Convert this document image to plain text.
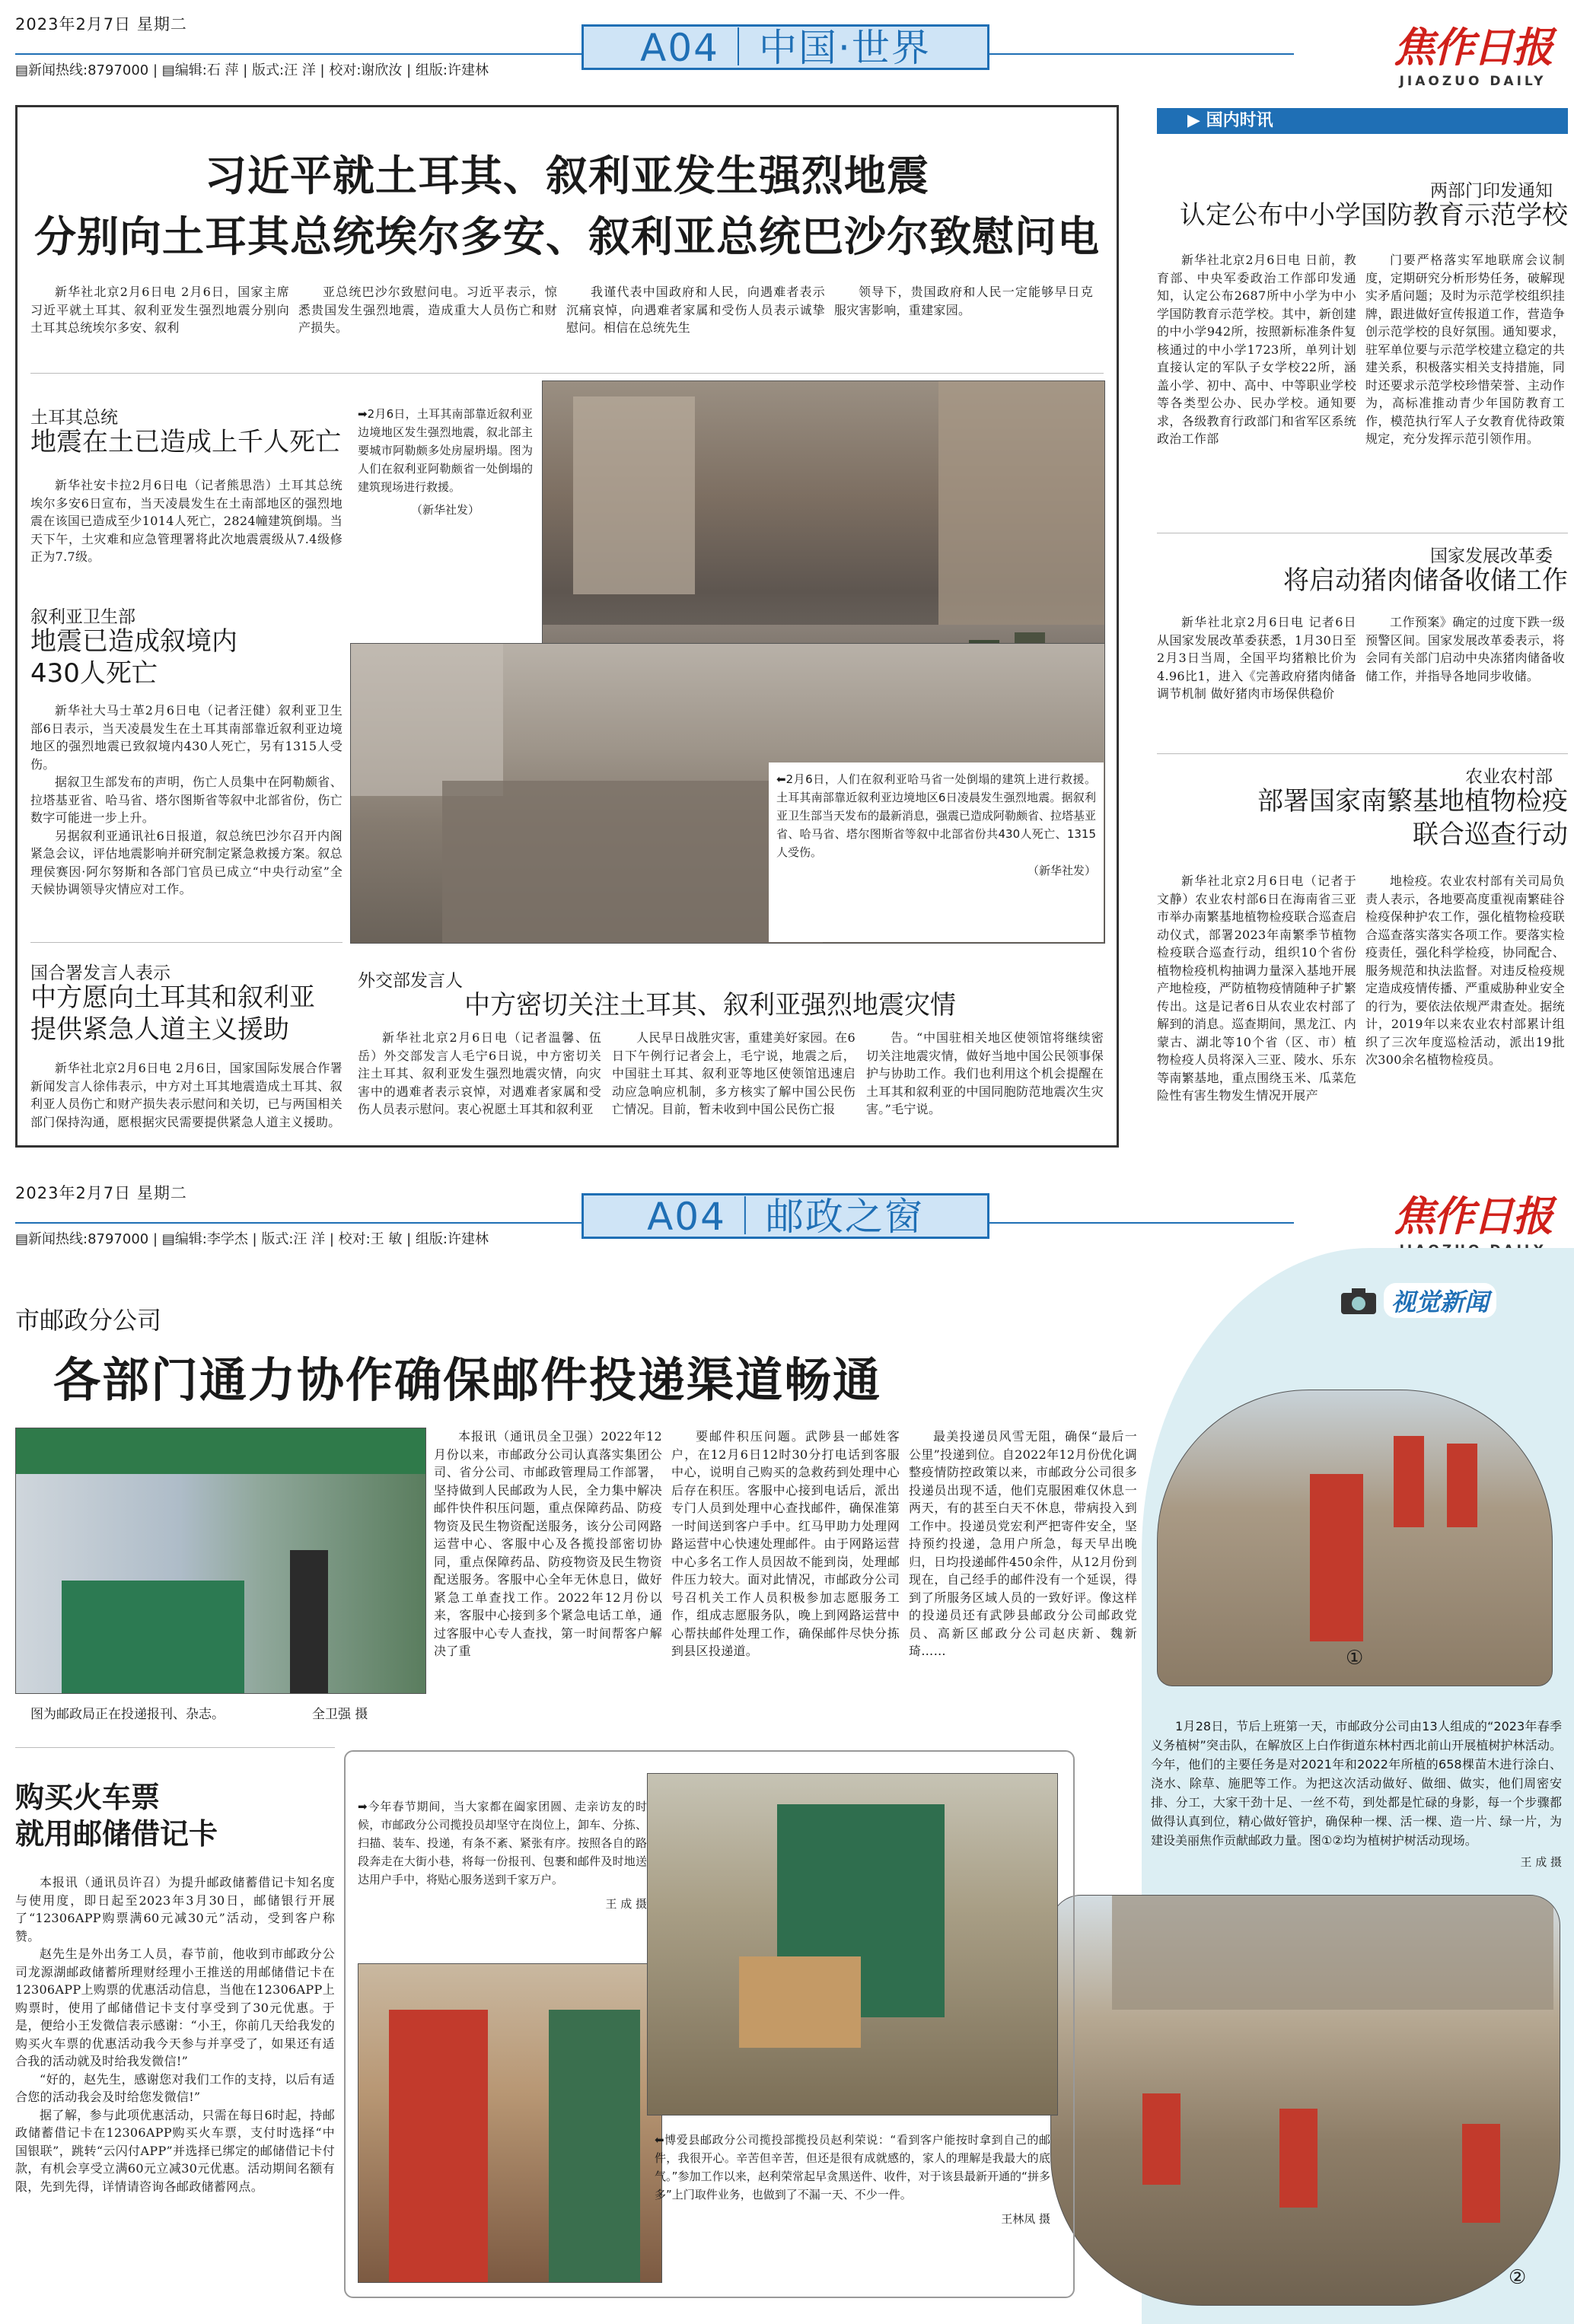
2023年2月7日 星期二
▤新闻热线:8797000 | ▤编辑:石 萍 | 版式:汪 洋 | 校对:谢欣汝 | 组版:许建林
A04｜中国·世界	焦作日报
JIAOZUO DAILY
习近平就土耳其、叙利亚发生强烈地震
分别向土耳其总统埃尔多安、叙利亚总统巴沙尔致慰问电

新华社北京2月6日电 2月6日，国家主席习近平就土耳其、叙利亚发生强烈地震分别向土耳其总统埃尔多安、叙利

亚总统巴沙尔致慰问电。习近平表示，惊悉贵国发生强烈地震，造成重大人员伤亡和财产损失。

我谨代表中国政府和人民，向遇难者表示沉痛哀悼，向遇难者家属和受伤人员表示诚挚慰问。相信在总统先生

领导下，贵国政府和人民一定能够早日克服灾害影响，重建家园。

土耳其总统
地震在土已造成上千人死亡

新华社安卡拉2月6日电（记者熊思浩）土耳其总统埃尔多安6日宣布，当天凌晨发生在土南部地区的强烈地震在该国已造成至少1014人死亡，2824幢建筑倒塌。当天下午，土灾难和应急管理署将此次地震震级从7.4级修正为7.7级。

叙利亚卫生部
地震已造成叙境内
430人死亡

新华社大马士革2月6日电（记者汪健）叙利亚卫生部6日表示，当天凌晨发生在土耳其南部靠近叙利亚边境地区的强烈地震已致叙境内430人死亡，另有1315人受伤。

据叙卫生部发布的声明，伤亡人员集中在阿勒颇省、拉塔基亚省、哈马省、塔尔图斯省等叙中北部省份，伤亡数字可能进一步上升。

另据叙利亚通讯社6日报道，叙总统巴沙尔召开内阁紧急会议，评估地震影响并研究制定紧急救援方案。叙总理侯赛因·阿尔努斯和各部门官员已成立“中央行动室”全天候协调领导灾情应对工作。

国合署发言人表示
中方愿向土耳其和叙利亚
提供紧急人道主义援助

新华社北京2月6日电 2月6日，国家国际发展合作署新闻发言人徐伟表示，中方对土耳其地震造成土耳其、叙利亚人员伤亡和财产损失表示慰问和关切，已与两国相关部门保持沟通，愿根据灾民需要提供紧急人道主义援助。

➡2月6日，土耳其南部靠近叙利亚边境地区发生强烈地震，叙北部主要城市阿勒颇多处房屋坍塌。图为人们在叙利亚阿勒颇省一处倒塌的建筑现场进行救援。
（新华社发）
⬅2月6日，人们在叙利亚哈马省一处倒塌的建筑上进行救援。土耳其南部靠近叙利亚边境地区6日凌晨发生强烈地震。据叙利亚卫生部当天发布的最新消息，强震已造成阿勒颇省、拉塔基亚省、哈马省、塔尔图斯省等叙中北部省份共430人死亡、1315人受伤。
（新华社发）
外交部发言人
中方密切关注土耳其、叙利亚强烈地震灾情

新华社北京2月6日电（记者温馨、伍岳）外交部发言人毛宁6日说，中方密切关注土耳其、叙利亚发生强烈地震灾情，向灾害中的遇难者表示哀悼，对遇难者家属和受伤人员表示慰问。衷心祝愿土耳其和叙利亚

人民早日战胜灾害，重建美好家园。在6日下午例行记者会上，毛宁说，地震之后，中国驻土耳其、叙利亚等地区使领馆迅速启动应急响应机制，多方核实了解中国公民伤亡情况。目前，暂未收到中国公民伤亡报

告。“中国驻相关地区使领馆将继续密切关注地震灾情，做好当地中国公民领事保护与协助工作。我们也利用这个机会提醒在土耳其和叙利亚的中国同胞防范地震次生灾害。”毛宁说。

▶ 国内时讯
两部门印发通知
认定公布中小学国防教育示范学校

新华社北京2月6日电 日前，教育部、中央军委政治工作部印发通知，认定公布2687所中小学为中小学国防教育示范学校。其中，新创建的中小学942所，按照新标准条件复核通过的中小学1723所，单列计划直接认定的军队子女学校22所，涵盖小学、初中、高中、中等职业学校等各类型公办、民办学校。通知要求，各级教育行政部门和省军区系统政治工作部

门要严格落实军地联席会议制度，定期研究分析形势任务，破解现实矛盾问题；及时为示范学校组织挂牌，跟进做好宣传报道工作，营造争创示范学校的良好氛围。通知要求，驻军单位要与示范学校建立稳定的共建关系，积极落实相关支持措施，同时还要求示范学校珍惜荣誉、主动作为，高标准推动青少年国防教育工作，模范执行军人子女教育优待政策规定，充分发挥示范引领作用。

国家发展改革委
将启动猪肉储备收储工作

新华社北京2月6日电 记者6日从国家发展改革委获悉，1月30日至2月3日当周，全国平均猪粮比价为4.96比1，进入《完善政府猪肉储备调节机制 做好猪肉市场保供稳价

工作预案》确定的过度下跌一级预警区间。国家发展改革委表示，将会同有关部门启动中央冻猪肉储备收储工作，并指导各地同步收储。

农业农村部
部署国家南繁基地植物检疫
联合巡查行动

新华社北京2月6日电（记者于文静）农业农村部6日在海南省三亚市举办南繁基地植物检疫联合巡查启动仪式，部署2023年南繁季节植物检疫联合巡查行动，组织10个省份植物检疫机构抽调力量深入基地开展产地检疫，严防植物疫情随种子扩繁传出。这是记者6日从农业农村部了解到的消息。巡查期间，黑龙江、内蒙古、湖北等10个省（区、市）植物检疫人员将深入三亚、陵水、乐东等南繁基地，重点围绕玉米、瓜菜危险性有害生物发生情况开展产

地检疫。农业农村部有关司局负责人表示，各地要高度重视南繁硅谷检疫保种护农工作，强化植物检疫联合巡查落实落实各项工作。要落实检疫责任，强化科学检疫，协同配合、服务规范和执法监督。对违反检疫规定造成疫情传播、严重威胁种业安全的行为，要依法依规严肃查处。据统计，2019年以来农业农村部累计组织了三次年度巡检活动，派出19批次300余名植物检疫员。

2023年2月7日 星期二
▤新闻热线:8797000 | ▤编辑:李学杰 | 版式:汪 洋 | 校对:王 敏 | 组版:许建林
A04｜邮政之窗	焦作日报
市邮政分公司
各部门通力协作确保邮件投递渠道畅通
视觉新闻
图为邮政局正在投递报刊、杂志。	全卫强 摄

本报讯（通讯员全卫强）2022年12月份以来，市邮政分公司认真落实集团公司、省分公司、市邮政管理局工作部署，坚持做到人民邮政为人民，全力集中解决邮件快件积压问题，重点保障药品、防疫物资及民生物资配送服务，该分公司网路运营中心、客服中心及各揽投部密切协同，重点保障药品、防疫物资及民生物资配送服务。客服中心全年无休息日，做好紧急工单查找工作。2022年12月份以来，客服中心接到多个紧急电话工单，通过客服中心专人查找，第一时间帮客户解决了重

要邮件积压问题。武陟县一邮姓客户，在12月6日12时30分打电话到客服中心，说明自己购买的急救药到处理中心后存在积压。客服中心接到电话后，派出专门人员到处理中心查找邮件，确保准第一时间送到客户手中。红马甲助力处理网路运营中心快速处理邮件。由于网路运营中心多名工作人员因故不能到岗，处理邮件压力较大。面对此情况，市邮政分公司号召机关工作人员积极参加志愿服务工作，组成志愿服务队，晚上到网路运营中心帮扶邮件处理工作，确保邮件尽快分拣到县区投递道。

最美投递员风雪无阻，确保“最后一公里”投递到位。自2022年12月份优化调整疫情防控政策以来，市邮政分公司很多投递员出现不适，他们克服困难仅休息一两天，有的甚至白天不休息，带病投入到工作中。投递员党宏利严把寄件安全，坚持预约投递，急用户所急，每天早出晚归，日均投递邮件450余件，从12月份到现在，自己经手的邮件没有一个延误，得到了所服务区域人员的一致好评。像这样的投递员还有武陟县邮政分公司邮政党员、高新区邮政分公司赵庆新、魏新琦……	①
1月28日，节后上班第一天，市邮政分公司由13人组成的“2023年春季义务植树”突击队，在解放区上白作街道东林村西北前山开展植树护林活动。今年，他们的主要任务是对2021年和2022年所植的658棵苗木进行涂白、浇水、除草、施肥等工作。为把这次活动做好、做细、做实，他们周密安排、分工，大家干劲十足、一丝不苟，到处都是忙碌的身影，每一个步骤都做得认真到位，精心做好管护，确保种一棵、活一棵、造一片、绿一片，为建设美丽焦作贡献邮政力量。图①②均为植树护树活动现场。
王 成 摄
②
购买火车票
就用邮储借记卡

本报讯（通讯员许召）为提升邮政储蓄借记卡知名度与使用度，即日起至2023年3月30日，邮储银行开展了“12306APP购票满60元减30元”活动，受到客户称赞。

赵先生是外出务工人员，春节前，他收到市邮政分公司龙源湖邮政储蓄所理财经理小王推送的用邮储借记卡在12306APP上购票的优惠活动信息，当他在12306APP上购票时，使用了邮储借记卡支付享受到了30元优惠。于是，便给小王发微信表示感谢：“小王，你前几天给我发的购买火车票的优惠活动我今天参与并享受了，如果还有适合我的活动就及时给我发微信!”

“好的，赵先生，感谢您对我们工作的支持，以后有适合您的活动我会及时给您发微信!”

据了解，参与此项优惠活动，只需在每日6时起，持邮政储蓄借记卡在12306APP购买火车票，支付时选择“中国银联”，跳转“云闪付APP”并选择已绑定的邮储借记卡付款，有机会享受立满60元立减30元优惠。活动期间名额有限，先到先得，详情请咨询各邮政储蓄网点。

➡今年春节期间，当大家都在阖家团圆、走亲访友的时候，市邮政分公司揽投员却坚守在岗位上，卸车、分拣、扫描、装车、投递，有条不紊、紧张有序。按照各自的路段奔走在大街小巷，将每一份报刊、包裹和邮件及时地送达用户手中，将贴心服务送到千家万户。
王 成 摄
⬅博爱县邮政分公司揽投部揽投员赵利荣说：“看到客户能按时拿到自己的邮件，我很开心。辛苦但辛苦，但还是很有成就感的，家人的理解是我最大的底气。”参加工作以来，赵利荣常起早贪黑送件、收件，对于该县最新开通的“拼多多”上门取件业务，也做到了不漏一天、不少一件。
王林凤 摄
